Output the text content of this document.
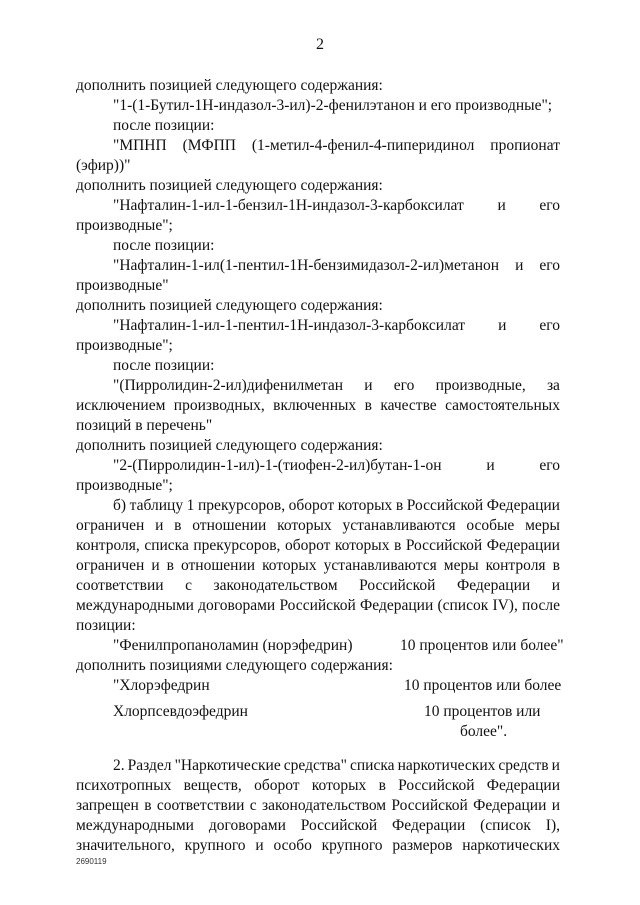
2
дополнить позицией следующего содержания:
"1-(1-Бутил-1Н-индазол-3-ил)-2-фенилэтанон и его производные";
после позиции:
"МПНП (МФПП (1-метил-4-фенил-4-пиперидинол пропионат
(эфир))"
дополнить позицией следующего содержания:
"Нафталин-1-ил-1-бензил-1Н-индазол-3-карбоксилат и его
производные";
после позиции:
"Нафталин-1-ил(1-пентил-1Н-бензимидазол-2-ил)метанон и его
производные"
дополнить позицией следующего содержания:
"Нафталин-1-ил-1-пентил-1Н-индазол-3-карбоксилат и его
производные";
после позиции:
"(Пирролидин-2-ил)дифенилметан и его производные, за
исключением производных, включенных в качестве самостоятельных
позиций в перечень"
дополнить позицией следующего содержания:
"2-(Пирролидин-1-ил)-1-(тиофен-2-ил)бутан-1-он	и	его
производные";
б) таблицу 1 прекурсоров, оборот которых в Российской Федерации
ограничен и в отношении которых устанавливаются особые меры
контроля, списка прекурсоров, оборот которых в Российской Федерации
ограничен и в отношении которых устанавливаются меры контроля в
соответствии с законодательством Российской Федерации и
международными договорами Российской Федерации (список IV), после
позиции:
"Фенилпропаноламин (норэфедрин)	10 процентов или более"
дополнить позициями следующего содержания:
"Хлорэфедрин	10 процентов или более
Хлорпсевдоэфедрин	10 процентов или
более".
2. Раздел "Наркотические средства" списка наркотических средств и
психотропных веществ, оборот которых в Российской Федерации
запрещен в соответствии с законодательством Российской Федерации и
международными договорами Российской Федерации (список I),
значительного, крупного и особо крупного размеров наркотических
2690119
